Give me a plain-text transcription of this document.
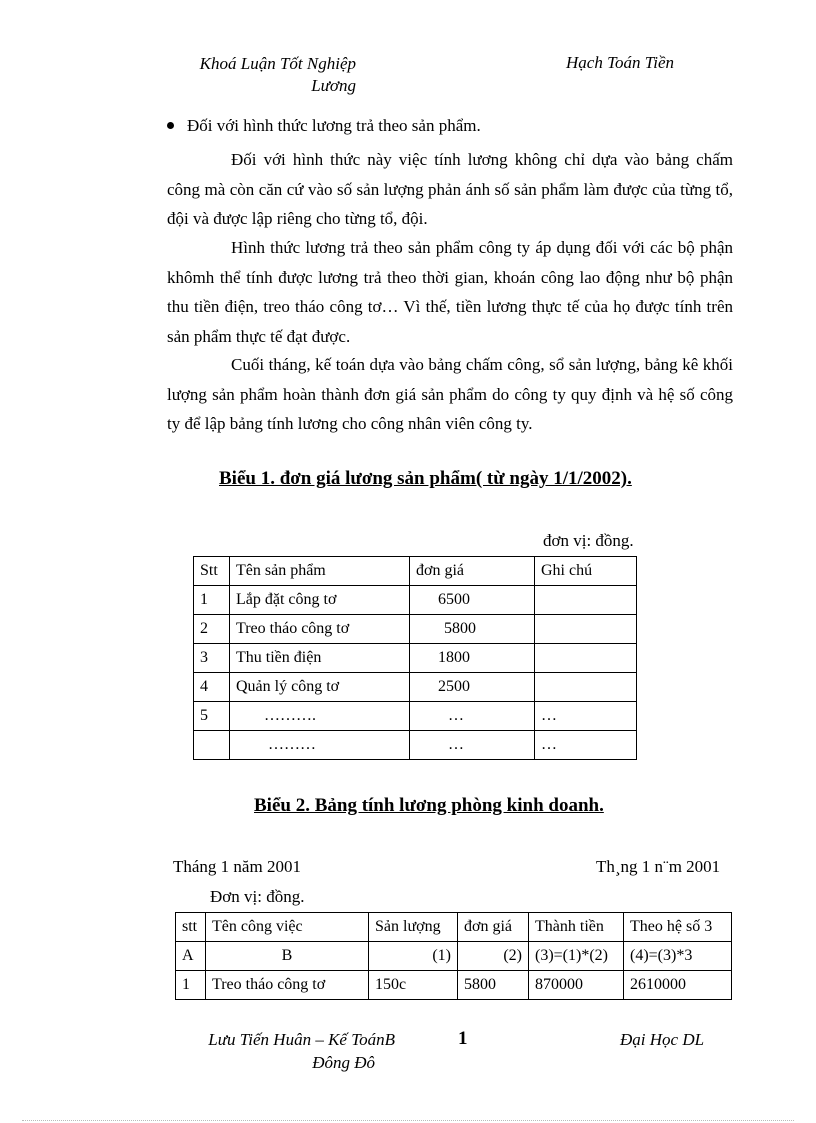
Khoá Luận Tốt Nghiệp
Lương
Hạch Toán Tiền
Đối với hình thức lương trả theo sản phẩm.
Đối với hình thức này việc tính lương không chỉ dựa vào bảng chấm công mà còn căn cứ vào số sản lượng phản ánh số sản phẩm làm được của từng tổ, đội và được lập riêng cho từng tổ, đội.
Hình thức lương trả theo sản phẩm công ty áp dụng đối với các bộ phận khômh thể tính được lương trả theo thời gian, khoán công lao động như bộ phận thu tiền điện, treo tháo công tơ… Vì thế, tiền lương thực tế của họ được tính trên sản phẩm thực tế đạt được.
Cuối tháng, kế toán dựa vào bảng chấm công, sổ sản lượng, bảng kê khối lượng sản phẩm hoàn thành đơn giá sản phẩm do công ty quy định và hệ số công ty để lập bảng tính lương cho công nhân viên công ty.
Biểu 1. đơn giá lương sản phẩm( từ ngày 1/1/2002).
đơn vị: đồng.
Stt	Tên sản phẩm	đơn giá	Ghi chú
1	Lắp đặt công tơ	6500	
2	Treo tháo công tơ	5800	
3	Thu tiền điện	1800	
4	Quản lý công tơ	2500	
5	……….	…	…
	………	…	…
Biểu 2. Bảng tính lương phòng kinh doanh.
Tháng 1 năm 2001	Th¸ng 1 n¨m 2001
Đơn vị: đồng.
stt	Tên công việc	Sản lượng	đơn giá	Thành tiền	Theo hệ số 3
A	B	(1)	(2)	(3)=(1)*(2)	(4)=(3)*3
1	Treo tháo công tơ	150c	5800	870000	2610000
Lưu Tiến Huân – Kế ToánB
Đông Đô
1	Đại Học DL
